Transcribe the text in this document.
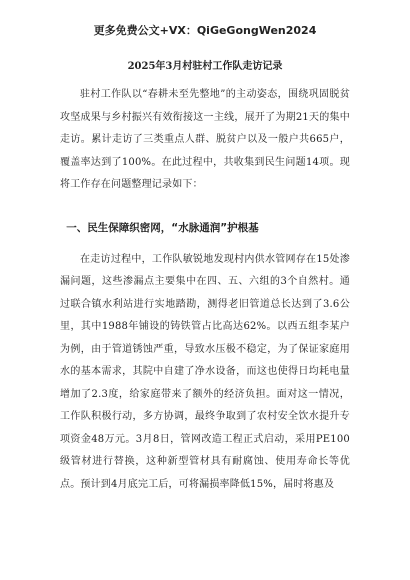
更多免费公文+VX：QiGeGongWen2024

2025年3月村驻村工作队走访记录

驻村工作队以“春耕未至先整地”的主动姿态，围绕巩固脱贫攻坚成果与乡村振兴有效衔接这一主线，展开了为期21天的集中走访。累计走访了三类重点人群、脱贫户以及一般户共665户，覆盖率达到了100%。在此过程中，共收集到民生问题14项。现将工作存在问题整理记录如下：

一、民生保障织密网，“水脉通润”护根基

在走访过程中，工作队敏锐地发现村内供水管网存在15处渗漏问题，这些渗漏点主要集中在四、五、六组的3个自然村。通过联合镇水利站进行实地踏勘，测得老旧管道总长达到了3.6公里，其中1988年铺设的铸铁管占比高达62%。以西五组李某户为例，由于管道锈蚀严重，导致水压极不稳定，为了保证家庭用水的基本需求，其院中自建了净水设备，而这也使得日均耗电量增加了2.3度，给家庭带来了额外的经济负担。面对这一情况，工作队积极行动，多方协调，最终争取到了农村安全饮水提升专项资金48万元。3月8日，管网改造工程正式启动，采用PE100级管材进行替换，这种新型管材具有耐腐蚀、使用寿命长等优点。预计到4月底完工后，可将漏损率降低15%，届时将惠及
